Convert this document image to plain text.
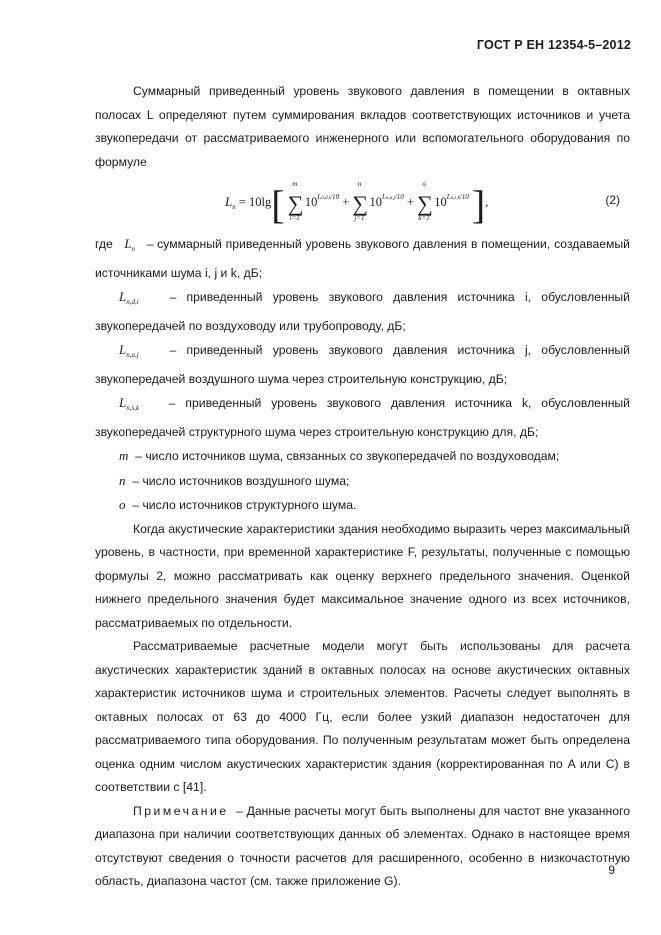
ГОСТ Р ЕН 12354-5–2012

Суммарный приведенный уровень звукового давления в помещении в октавных полосах L определяют путем суммирования вкладов соответствующих источников и учета звукопередачи от рассматриваемого инженерного или вспомогательного оборудования по формуле

$L_n = 10\lg$[	m
∑
i=1
$10^{Ln,d,i/10}$ +
n
∑
j=1
$10^{Ln,a,j/10}$ +
o
∑
k=1
$10^{Ln,s,k/10}$ ],	(2)

где $L_n$ – суммарный приведенный уровень звукового давления в помещении, создаваемый источниками шума i, j и k, дБ;

$L_{n,d,i}$	– приведенный уровень звукового давления источника i, обусловленный звукопередачей по воздуховоду или трубопроводу, дБ;

$L_{n,a,j}$	– приведенный уровень звукового давления источника j, обусловленный звукопередачей воздушного шума через строительную конструкцию, дБ;

$L_{n,s,k}$ – приведенный уровень звукового давления источника k, обусловленный звукопередачей структурного шума через строительную конструкцию для, дБ;

m – число источников шума, связанных со звукопередачей по воздуховодам;

n – число источников воздушного шума;

o – число источников структурного шума.

Когда акустические характеристики здания необходимо выразить через максимальный уровень, в частности, при временной характеристике F, результаты, полученные с помощью формулы 2, можно рассматривать как оценку верхнего предельного значения. Оценкой нижнего предельного значения будет максимальное значение одного из всех источников, рассматриваемых по отдельности.

Рассматриваемые расчетные модели могут быть использованы для расчета акустических характеристик зданий в октавных полосах на основе акустических октавных характеристик источников шума и строительных элементов. Расчеты следует выполнять в октавных полосах от 63 до 4000 Гц, если более узкий диапазон недостаточен для рассматриваемого типа оборудования. По полученным результатам может быть определена оценка одним числом акустических характеристик здания (корректированная по A или C) в соответствии с [41].

Примечание – Данные расчеты могут быть выполнены для частот вне указанного диапазона при наличии соответствующих данных об элементах. Однако в настоящее время отсутствуют сведения о точности расчетов для расширенного, особенно в низкочастотную область, диапазона частот (см. также приложение G).

9
